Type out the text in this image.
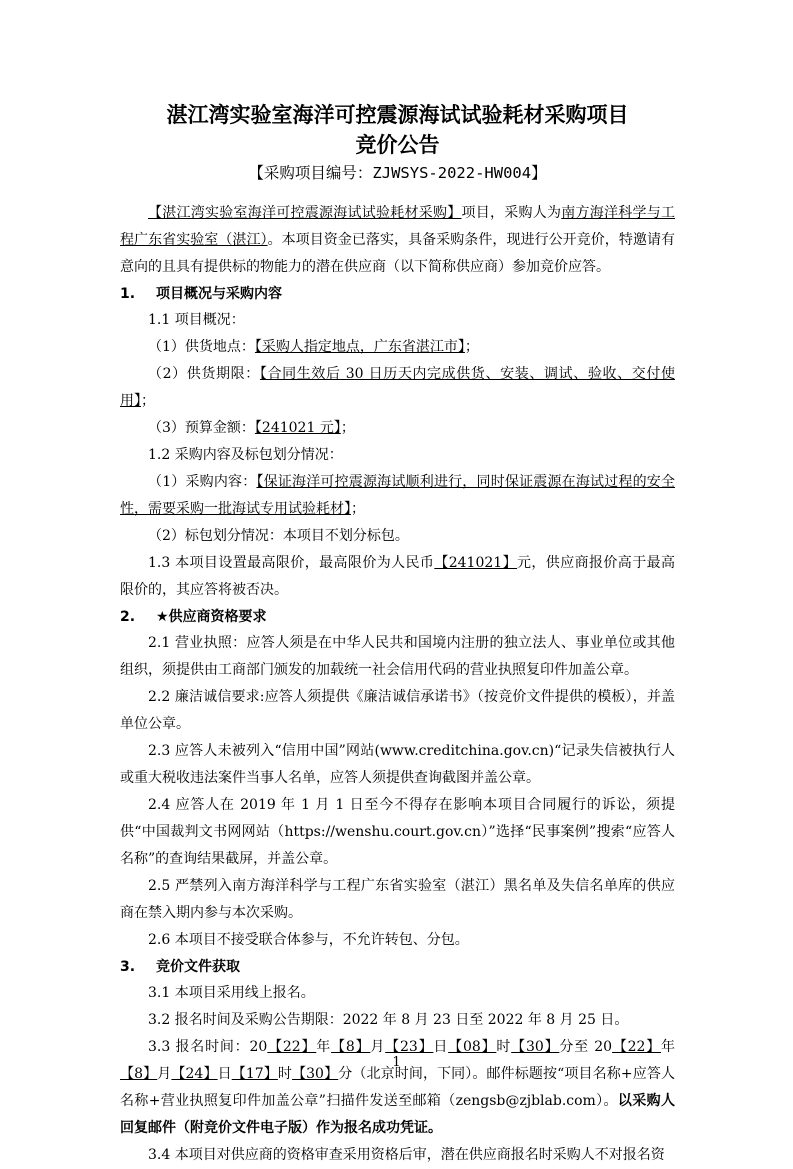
湛江湾实验室海洋可控震源海试试验耗材采购项目
竞价公告
【采购项目编号：ZJWSYS-2022-HW004】

【湛江湾实验室海洋可控震源海试试验耗材采购】项目，采购人为南方海洋科学与工程广东省实验室（湛江）。本项目资金已落实，具备采购条件，现进行公开竞价，特邀请有意向的且具有提供标的物能力的潜在供应商（以下简称供应商）参加竞价应答。

1.	项目概况与采购内容

1.1 项目概况：

（1）供货地点：【采购人指定地点，广东省湛江市】；

（2）供货期限：【合同生效后 30 日历天内完成供货、安装、调试、验收、交付使用】；

（3）预算金额：【241021 元】；

1.2 采购内容及标包划分情况：

（1）采购内容：【保证海洋可控震源海试顺利进行，同时保证震源在海试过程的安全性，需要采购一批海试专用试验耗材】；

（2）标包划分情况：本项目不划分标包。

1.3 本项目设置最高限价，最高限价为人民币【241021】元，供应商报价高于最高限价的，其应答将被否决。

2.	★供应商资格要求

2.1 营业执照：应答人须是在中华人民共和国境内注册的独立法人、事业单位或其他组织，须提供由工商部门颁发的加载统一社会信用代码的营业执照复印件加盖公章。

2.2 廉洁诚信要求:应答人须提供《廉洁诚信承诺书》（按竞价文件提供的模板），并盖单位公章。

2.3 应答人未被列入“信用中国”网站(www.creditchina.gov.cn)“记录失信被执行人或重大税收违法案件当事人名单，应答人须提供查询截图并盖公章。

2.4 应答人在 2019 年 1 月 1 日至今不得存在影响本项目合同履行的诉讼，须提供“中国裁判文书网网站（https://wenshu.court.gov.cn）”选择“民事案例”搜索“应答人名称”的查询结果截屏，并盖公章。

2.5 严禁列入南方海洋科学与工程广东省实验室（湛江）黑名单及失信名单库的供应商在禁入期内参与本次采购。

2.6 本项目不接受联合体参与，不允许转包、分包。

3.	竞价文件获取

3.1 本项目采用线上报名。

3.2 报名时间及采购公告期限：2022 年 8 月 23 日至 2022 年 8 月 25 日。

3.3 报名时间：20【22】年【8】月【23】日【08】时【30】分至 20【22】年【8】月【24】日【17】时【30】分（北京时间，下同）。邮件标题按“项目名称+应答人名称+营业执照复印件加盖公章”扫描件发送至邮箱（zengsb@zjblab.com）。以采购人回复邮件（附竞价文件电子版）作为报名成功凭证。

3.4 本项目对供应商的资格审查采用资格后审，潜在供应商报名时采购人不对报名资

1
